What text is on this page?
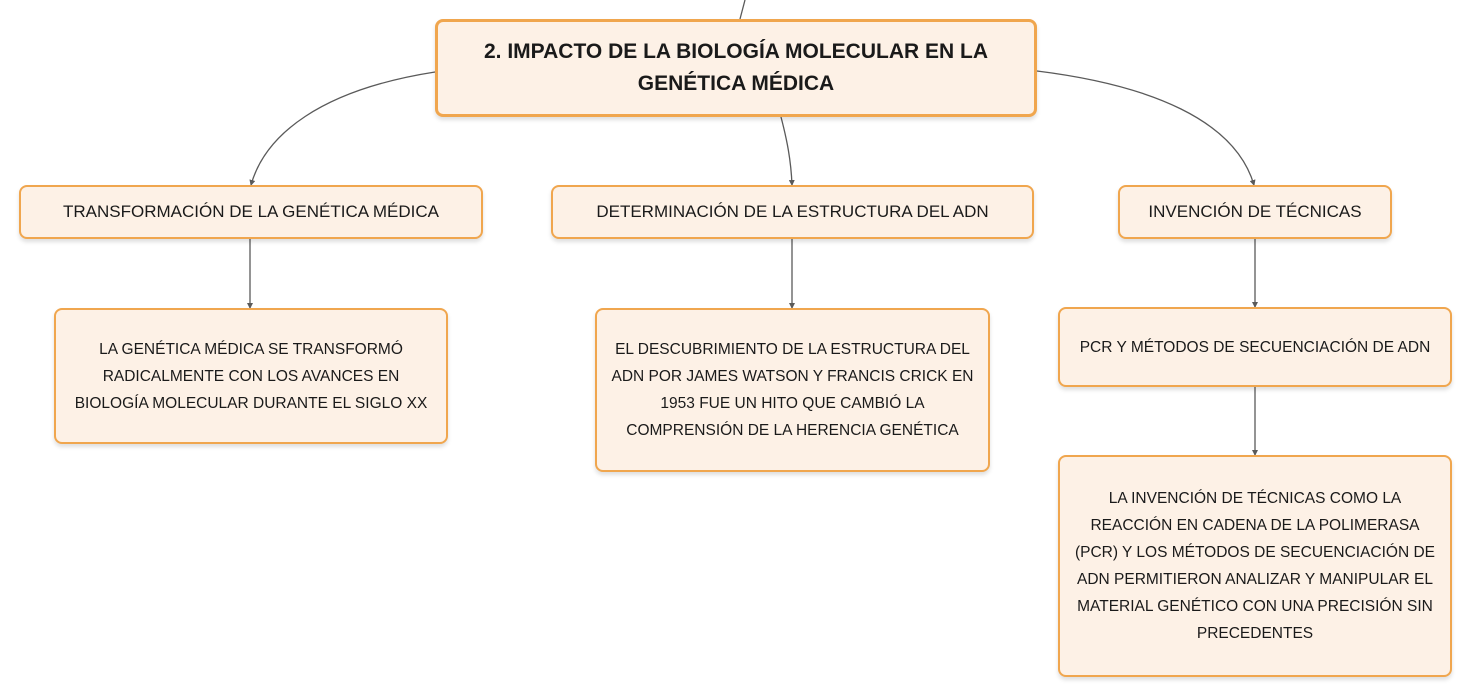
2. IMPACTO DE LA BIOLOGÍA MOLECULAR EN LA GENÉTICA MÉDICA
TRANSFORMACIÓN DE LA GENÉTICA MÉDICA	DETERMINACIÓN DE LA ESTRUCTURA DEL ADN	INVENCIÓN DE TÉCNICAS
LA GENÉTICA MÉDICA SE TRANSFORMÓ RADICALMENTE CON LOS AVANCES EN BIOLOGÍA MOLECULAR DURANTE EL SIGLO XX
EL DESCUBRIMIENTO DE LA ESTRUCTURA DEL ADN POR JAMES WATSON Y FRANCIS CRICK EN 1953 FUE UN HITO QUE CAMBIÓ LA COMPRENSIÓN DE LA HERENCIA GENÉTICA
PCR Y MÉTODOS DE SECUENCIACIÓN DE ADN
LA INVENCIÓN DE TÉCNICAS COMO LA REACCIÓN EN CADENA DE LA POLIMERASA (PCR) Y LOS MÉTODOS DE SECUENCIACIÓN DE ADN PERMITIERON ANALIZAR Y MANIPULAR EL MATERIAL GENÉTICO CON UNA PRECISIÓN SIN PRECEDENTES
